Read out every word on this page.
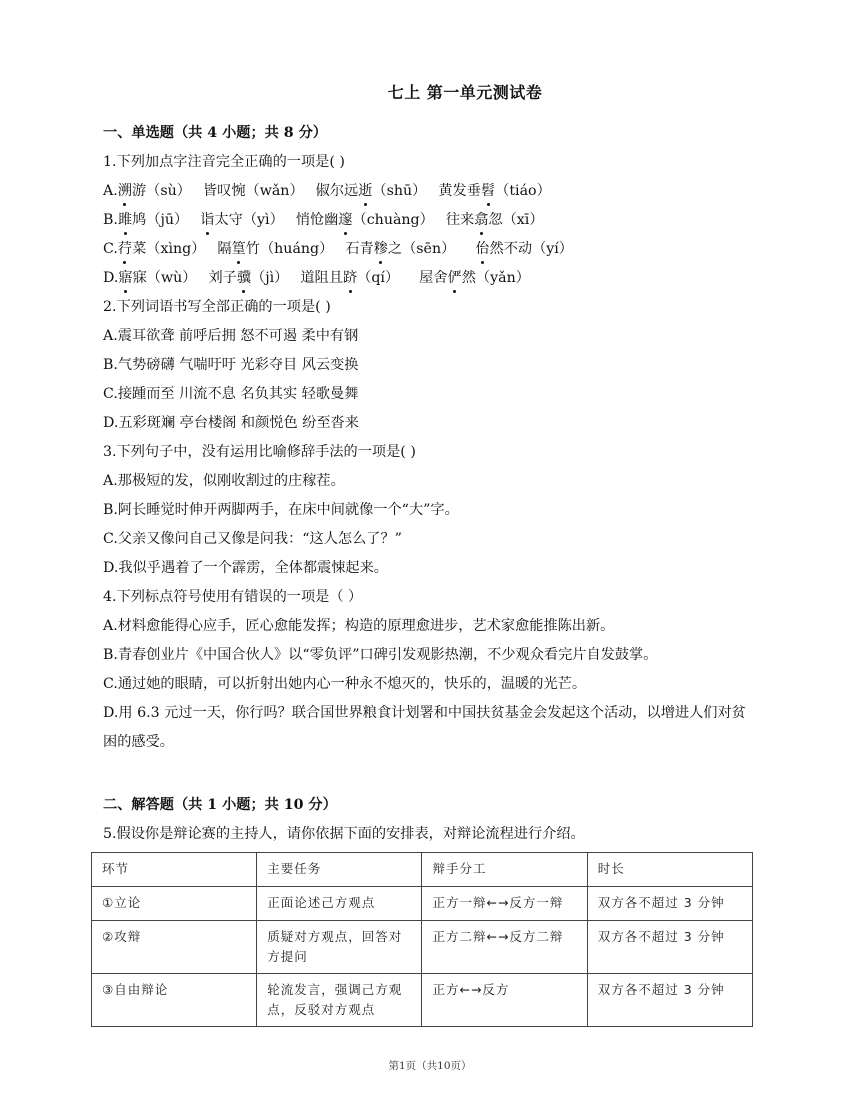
七上 第一单元测试卷
一、单选题（共 4 小题；共 8 分）
1.下列加点字注音完全正确的一项是( )
A.溯游（sù） 皆叹惋（wǎn） 俶尔远逝（shū） 黄发垂髫（tiáo）
B.雎鸠（jū） 诣太守（yì） 悄怆幽邃（chuàng） 往来翕忽（xī）
C.荇菜（xìng） 隔篁竹（huáng） 石青糁之（sēn） 佁然不动（yí）
D.寤寐（wù） 刘子骥（jì） 道阻且跻（qí） 屋舍俨然（yǎn）
2.下列词语书写全部正确的一项是( )
A.震耳欲聋 前呼后拥 怒不可遏 柔中有钢
B.气势磅礴 气喘吁吁 光彩夺目 风云变换
C.接踵而至 川流不息 名负其实 轻歌曼舞
D.五彩斑斓 亭台楼阁 和颜悦色 纷至沓来
3.下列句子中，没有运用比喻修辞手法的一项是( )
A.那极短的发，似刚收割过的庄稼茬。
B.阿长睡觉时伸开两脚两手，在床中间就像一个“大”字。
C.父亲又像问自己又像是问我：“这人怎么了？”
D.我似乎遇着了一个霹雳，全体都震悚起来。
4.下列标点符号使用有错误的一项是（ ）
A.材料愈能得心应手，匠心愈能发挥；构造的原理愈进步，艺术家愈能推陈出新。
B.青春创业片《中国合伙人》以“零负评”口碑引发观影热潮，不少观众看完片自发鼓掌。
C.通过她的眼睛，可以折射出她内心一种永不熄灭的，快乐的，温暖的光芒。
D.用 6.3 元过一天，你行吗？联合国世界粮食计划署和中国扶贫基金会发起这个活动，以增进人们对贫困的感受。
二、解答题（共 1 小题；共 10 分）
5.假设你是辩论赛的主持人，请你依据下面的安排表，对辩论流程进行介绍。
环节	主要任务	辩手分工	时长
①立论	正面论述己方观点	正方一辩←→反方一辩	双方各不超过 3 分钟
②攻辩	质疑对方观点，回答对方提问	正方二辩←→反方二辩	双方各不超过 3 分钟
③自由辩论	轮流发言，强调己方观点，反驳对方观点	正方←→反方	双方各不超过 3 分钟
第1页（共10页）
